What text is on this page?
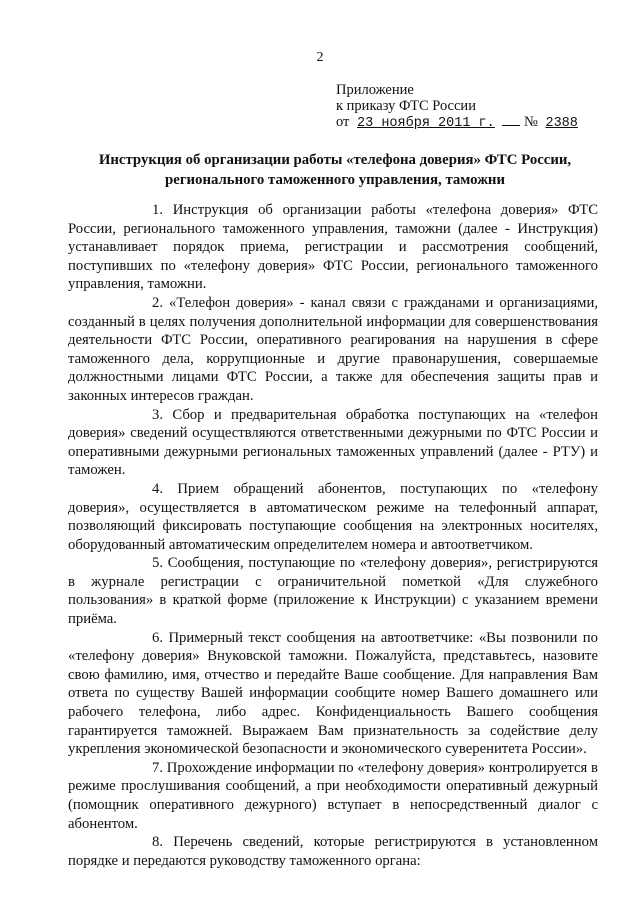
2
Приложение
к приказу ФТС России
от 23 ноября 2011 г. № 2388
Инструкция об организации работы «телефона доверия» ФТС России, регионального таможенного управления, таможни

1. Инструкция об организации работы «телефона доверия» ФТС России, регионального таможенного управления, таможни (далее - Инструкция) устанавливает порядок приема, регистрации и рассмотрения сообщений, поступивших по «телефону доверия» ФТС России, регионального таможенного управления, таможни.

2. «Телефон доверия» - канал связи с гражданами и организациями, созданный в целях получения дополнительной информации для совершенствования деятельности ФТС России, оперативного реагирования на нарушения в сфере таможенного дела, коррупционные и другие правонарушения, совершаемые должностными лицами ФТС России, а также для обеспечения защиты прав и законных интересов граждан.

3. Сбор и предварительная обработка поступающих на «телефон доверия» сведений осуществляются ответственными дежурными по ФТС России и оперативными дежурными региональных таможенных управлений (далее - РТУ) и таможен.

4. Прием обращений абонентов, поступающих по «телефону доверия», осуществляется в автоматическом режиме на телефонный аппарат, позволяющий фиксировать поступающие сообщения на электронных носителях, оборудованный автоматическим определителем номера и автоответчиком.

5. Сообщения, поступающие по «телефону доверия», регистрируются в журнале регистрации с ограничительной пометкой «Для служебного пользования» в краткой форме (приложение к Инструкции) с указанием времени приёма.

6. Примерный текст сообщения на автоответчике: «Вы позвонили по «телефону доверия» Внуковской таможни. Пожалуйста, представьтесь, назовите свою фамилию, имя, отчество и передайте Ваше сообщение. Для направления Вам ответа по существу Вашей информации сообщите номер Вашего домашнего или рабочего телефона, либо адрес. Конфиденциальность Вашего сообщения гарантируется таможней. Выражаем Вам признательность за содействие делу укрепления экономической безопасности и экономического суверенитета России».

7. Прохождение информации по «телефону доверия» контролируется в режиме прослушивания сообщений, а при необходимости оперативный дежурный (помощник оперативного дежурного) вступает в непосредственный диалог с абонентом.

8. Перечень сведений, которые регистрируются в установленном порядке и передаются руководству таможенного органа:
